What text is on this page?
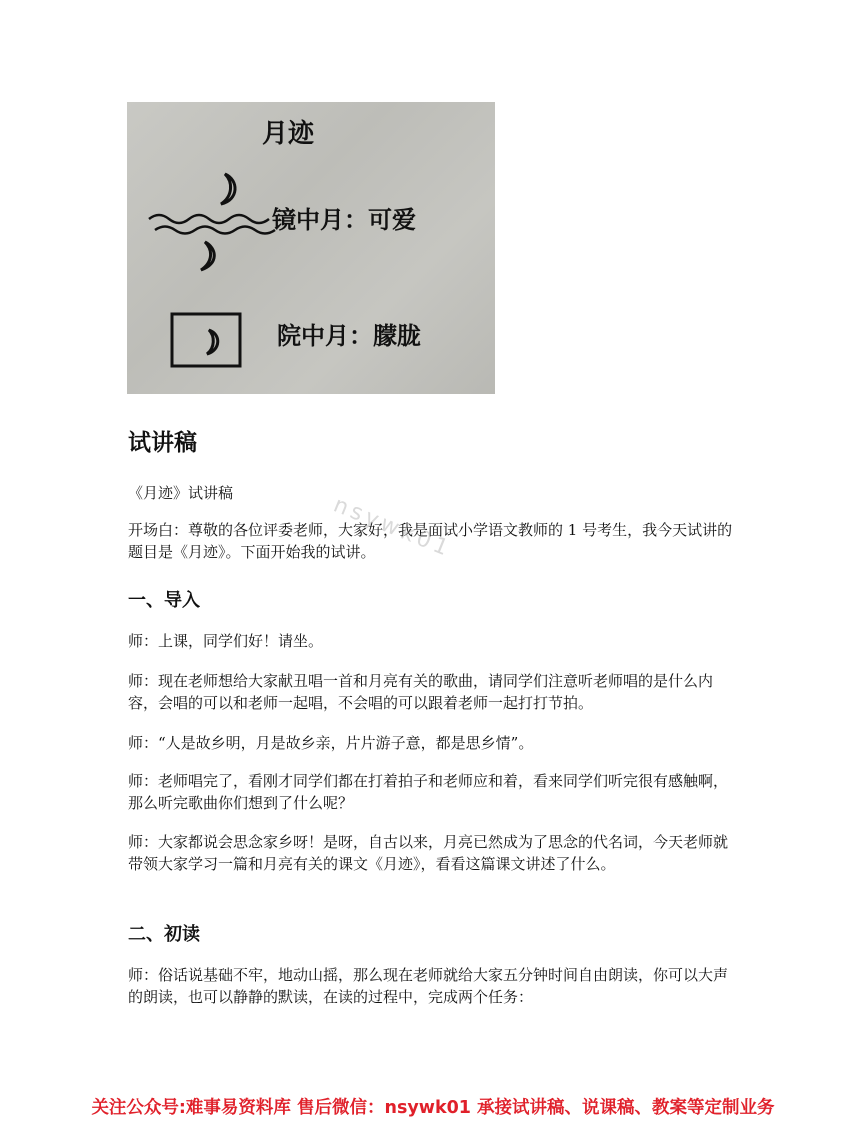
月迹
镜中月：可爱
院中月：朦胧
试讲稿

《月迹》试讲稿

开场白：尊敬的各位评委老师，大家好，我是面试小学语文教师的 1 号考生，我今天试讲的题目是《月迹》。下面开始我的试讲。

一、导入

师：上课，同学们好！请坐。

师：现在老师想给大家献丑唱一首和月亮有关的歌曲，请同学们注意听老师唱的是什么内容，会唱的可以和老师一起唱，不会唱的可以跟着老师一起打打节拍。

师：“人是故乡明，月是故乡亲，片片游子意，都是思乡情”。

师：老师唱完了，看刚才同学们都在打着拍子和老师应和着，看来同学们听完很有感触啊，那么听完歌曲你们想到了什么呢？

师：大家都说会思念家乡呀！是呀，自古以来，月亮已然成为了思念的代名词，今天老师就带领大家学习一篇和月亮有关的课文《月迹》，看看这篇课文讲述了什么。

二、初读

师：俗话说基础不牢，地动山摇，那么现在老师就给大家五分钟时间自由朗读，你可以大声的朗读，也可以静静的默读，在读的过程中，完成两个任务：

nsywk01
关注公众号:难事易资料库 售后微信：nsywk01 承接试讲稿、说课稿、教案等定制业务
